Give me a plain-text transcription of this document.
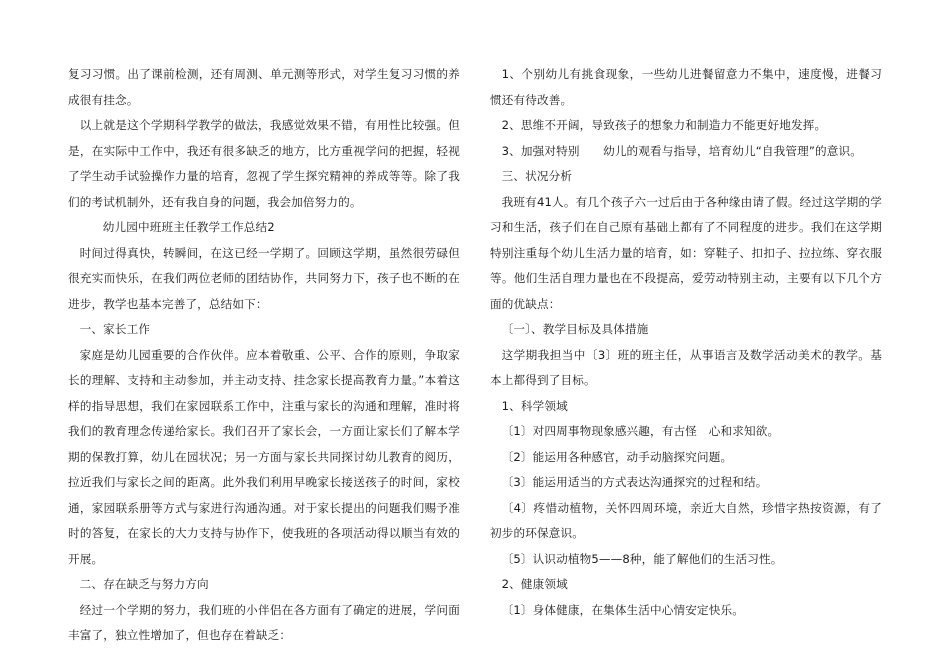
复习习惯。出了课前检测，还有周测、单元测等形式，对学生复习习惯的养成很有挂念。

以上就是这个学期科学教学的做法，我感觉效果不错，有用性比较强。但是，在实际中工作中，我还有很多缺乏的地方，比方重视学问的把握，轻视了学生动手试验操作力量的培育，忽视了学生探究精神的养成等等。除了我们的考试机制外，还有我自身的问题，我会加倍努力的。

幼儿园中班班主任教学工作总结2

时间过得真快，转瞬间，在这已经一学期了。回顾这学期，虽然很劳碌但很充实而快乐，在我们两位老师的团结协作，共同努力下，孩子也不断的在进步，教学也基本完善了，总结如下：

一、家长工作

家庭是幼儿园重要的合作伙伴。应本着敬重、公平、合作的原则，争取家长的理解、支持和主动参加，并主动支持、挂念家长提高教育力量。”本着这样的指导思想，我们在家园联系工作中，注重与家长的沟通和理解，准时将我们的教育理念传递给家长。我们召开了家长会，一方面让家长们了解本学期的保教打算，幼儿在园状况；另一方面与家长共同探讨幼儿教育的阅历，拉近我们与家长之间的距离。此外我们利用早晚家长接送孩子的时间，家校通，家园联系册等方式与家进行沟通沟通。对于家长提出的问题我们赐予准时的答复，在家长的大力支持与协作下，使我班的各项活动得以顺当有效的开展。

二、存在缺乏与努力方向

经过一个学期的努力，我们班的小伴侣在各方面有了确定的进展，学问面丰富了，独立性增加了，但也存在着缺乏：

1、个别幼儿有挑食现象，一些幼儿进餐留意力不集中，速度慢，进餐习惯还有待改善。

2、思维不开阔，导致孩子的想象力和制造力不能更好地发挥。

3、加强对特别　　幼儿的观看与指导，培育幼儿“自我管理”的意识。

三、状况分析

我班有41人。有几个孩子六一过后由于各种缘由请了假。经过这学期的学习和生活，孩子们在自己原有基础上都有了不同程度的进步。我们在这学期特别注重每个幼儿生活力量的培育，如：穿鞋子、扣扣子、拉拉练、穿衣服等。他们生活自理力量也在不段提高，爱劳动特别主动，主要有以下几个方面的优缺点：

〔一〕、教学目标及具体措施

这学期我担当中〔3〕班的班主任，从事语言及数学活动美术的教学。基本上都得到了目标。

1、科学领域

〔1〕对四周事物现象感兴趣，有古怪　心和求知欲。

〔2〕能运用各种感官，动手动脑探究问题。

〔3〕能运用适当的方式表达沟通探究的过程和结。

〔4〕疼惜动植物，关怀四周环境，亲近大自然，珍惜字热按资源，有了初步的环保意识。

〔5〕认识动植物5——8种，能了解他们的生活习性。

2、健康领域

〔1〕身体健康，在集体生活中心情安定快乐。
